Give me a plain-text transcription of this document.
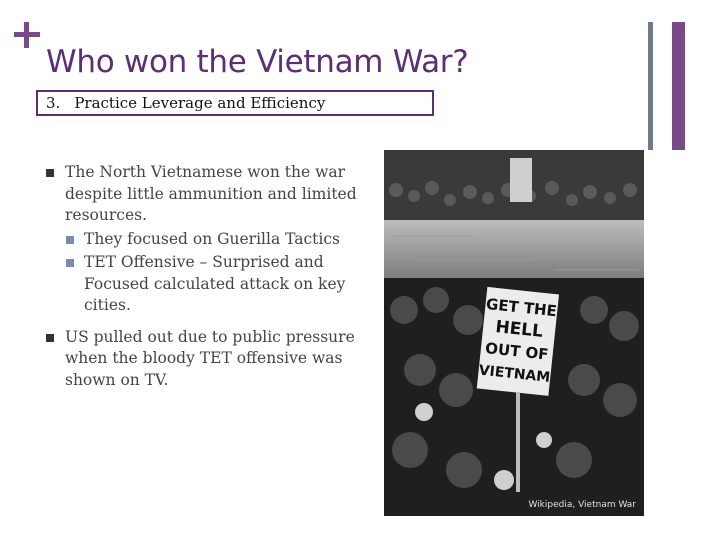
Who won the Vietnam War?
3. Practice Leverage and Efficiency
The North Vietnamese won the war despite little ammunition and limited resources.
They focused on Guerilla Tactics
TET Offensive – Surprised and Focused calculated attack on key cities.
US pulled out due to public pressure when the bloody TET offensive was shown on TV.
GET THE
HELL
OUT OF
VIETNAM
Wikipedia, Vietnam War
